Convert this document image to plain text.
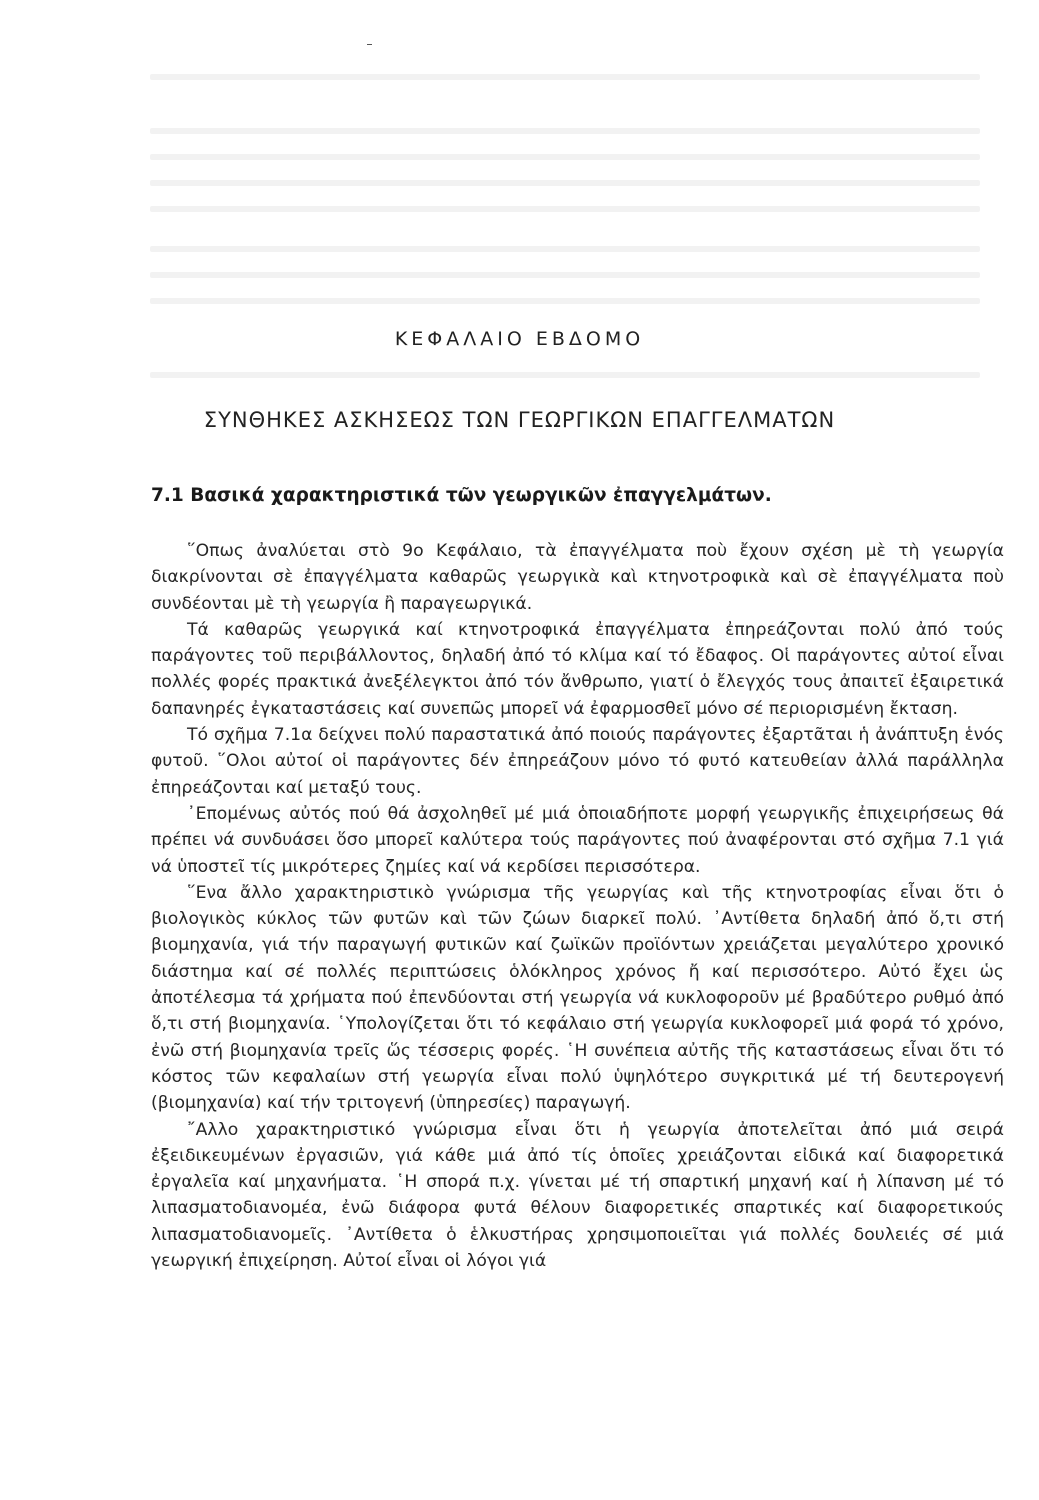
ΚΕΦΑΛΑΙΟ ΕΒΔΟΜΟ
ΣΥΝΘΗΚΕΣ ΑΣΚΗΣΕΩΣ ΤΩΝ ΓΕΩΡΓΙΚΩΝ ΕΠΑΓΓΕΛΜΑΤΩΝ
7.1 Βασικά χαρακτηριστικά τῶν γεωργικῶν ἐπαγγελμάτων.

῞Οπως ἀναλύεται στὸ 9ο Κεφάλαιο, τὰ ἐπαγγέλματα ποὺ ἔχουν σχέση μὲ τὴ γεωργία διακρίνονται σὲ ἐπαγγέλματα καθαρῶς γεωργικὰ καὶ κτηνοτροφικὰ καὶ σὲ ἐπαγγέλματα ποὺ συνδέονται μὲ τὴ γεωργία ἢ παραγεωργικά.

Τά καθαρῶς γεωργικά καί κτηνοτροφικά ἐπαγγέλματα ἐπηρεάζονται πολύ ἀπό τούς παράγοντες τοῦ περιβάλλοντος, δηλαδή ἀπό τό κλίμα καί τό ἔδαφος. Οἱ παράγοντες αὐτοί εἶναι πολλές φορές πρακτικά ἀνεξέλεγκτοι ἀπό τόν ἄνθρωπο, γιατί ὁ ἔλεγχός τους ἀπαιτεῖ ἐξαιρετικά δαπανηρές ἐγκαταστάσεις καί συνεπῶς μπορεῖ νά ἐφαρμοσθεῖ μόνο σέ περιορισμένη ἔκταση.

Τό σχῆμα 7.1α δείχνει πολύ παραστατικά ἀπό ποιούς παράγοντες ἐξαρτᾶται ἡ ἀνάπτυξη ἑνός φυτοῦ. ῞Ολοι αὐτοί οἱ παράγοντες δέν ἐπηρεάζουν μόνο τό φυτό κατευθείαν ἀλλά παράλληλα ἐπηρεάζονται καί μεταξύ τους.

᾽Επομένως αὐτός πού θά ἀσχοληθεῖ μέ μιά ὁποιαδήποτε μορφή γεωργικῆς ἐπιχειρήσεως θά πρέπει νά συνδυάσει ὅσο μπορεῖ καλύτερα τούς παράγοντες πού ἀναφέρονται στό σχῆμα 7.1 γιά νά ὑποστεῖ τίς μικρότερες ζημίες καί νά κερδίσει περισσότερα.

῞Ενα ἄλλο χαρακτηριστικὸ γνώρισμα τῆς γεωργίας καὶ τῆς κτηνοτροφίας εἶναι ὅτι ὁ βιολογικὸς κύκλος τῶν φυτῶν καὶ τῶν ζώων διαρκεῖ πολύ. ᾽Αντίθετα δηλαδή ἀπό ὅ,τι στή βιομηχανία, γιά τήν παραγωγή φυτικῶν καί ζωϊκῶν προϊόντων χρειάζεται μεγαλύτερο χρονικό διάστημα καί σέ πολλές περιπτώσεις ὁλόκληρος χρόνος ἤ καί περισσότερο. Αὐτό ἔχει ὡς ἀποτέλεσμα τά χρήματα πού ἐπενδύονται στή γεωργία νά κυκλοφοροῦν μέ βραδύτερο ρυθμό ἀπό ὅ,τι στή βιομηχανία. ῾Υπολογίζεται ὅτι τό κεφάλαιο στή γεωργία κυκλοφορεῖ μιά φορά τό χρόνο, ἐνῶ στή βιομηχανία τρεῖς ὥς τέσσερις φορές. ῾Η συνέπεια αὐτῆς τῆς καταστάσεως εἶναι ὅτι τό κόστος τῶν κεφαλαίων στή γεωργία εἶναι πολύ ὑψηλότερο συγκριτικά μέ τή δευτερογενή (βιομηχανία) καί τήν τριτογενή (ὑπηρεσίες) παραγωγή.

῎Αλλο χαρακτηριστικό γνώρισμα εἶναι ὅτι ἡ γεωργία ἀποτελεῖται ἀπό μιά σειρά ἐξειδικευμένων ἐργασιῶν, γιά κάθε μιά ἀπό τίς ὁποῖες χρειάζονται εἰδικά καί διαφορετικά ἐργαλεῖα καί μηχανήματα. ῾Η σπορά π.χ. γίνεται μέ τή σπαρτική μηχανή καί ἡ λίπανση μέ τό λιπασματοδιανομέα, ἐνῶ διάφορα φυτά θέλουν διαφορετικές σπαρτικές καί διαφορετικούς λιπασματοδιανομεῖς. ᾽Αντίθετα ὁ ἑλκυστήρας χρησιμοποιεῖται γιά πολλές δουλειές σέ μιά γεωργική ἐπιχείρηση. Αὐτοί εἶναι οἱ λόγοι γιά
